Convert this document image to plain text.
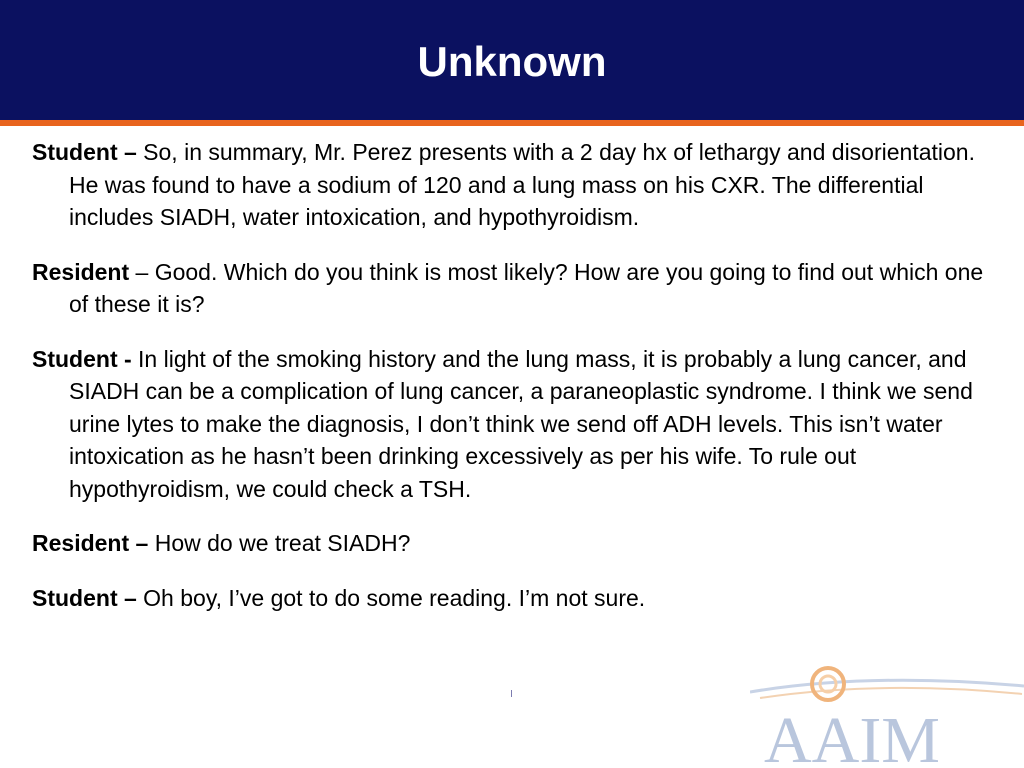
Unknown

Student – So, in summary, Mr. Perez presents with a 2 day hx of lethargy and disorientation. He was found to have a sodium of 120 and a lung mass on his CXR. The differential includes SIADH, water intoxication, and hypothyroidism.

Resident – Good. Which do you think is most likely? How are you going to find out which one of these it is?

Student - In light of the smoking history and the lung mass, it is probably a lung cancer, and SIADH can be a complication of lung cancer, a paraneoplastic syndrome. I think we send urine lytes to make the diagnosis, I don’t think we send off ADH levels. This isn’t water intoxication as he hasn’t been drinking excessively as per his wife. To rule out hypothyroidism, we could check a TSH.

Resident – How do we treat SIADH?

Student – Oh boy, I’ve got to do some reading. I’m not sure.

AAIM
